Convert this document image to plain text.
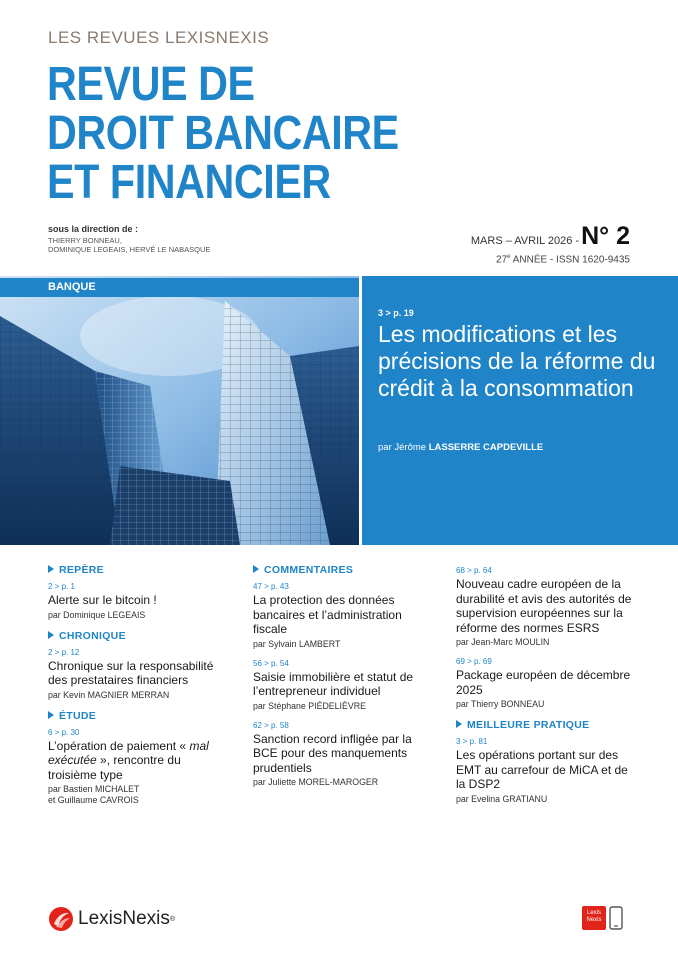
LES REVUES LEXISNEXIS
REVUE DE
DROIT BANCAIRE
ET FINANCIER
sous la direction de :
THIERRY BONNEAU,
DOMINIQUE LEGEAIS, HERVÉ LE NABASQUE
MARS – AVRIL 2026 -N° 2
27e ANNÉE - ISSN 1620-9435
BANQUE
3 > p. 19
Les modifications et les précisions de la réforme du crédit à la consommation
par Jérôme LASSERRE CAPDEVILLE
REPÈRE
2 > p. 1
Alerte sur le bitcoin !
par Dominique LEGEAIS
CHRONIQUE
2 > p. 12
Chronique sur la responsabilité des prestataires financiers
par Kevin MAGNIER MERRAN
ÉTUDE
6 > p. 30
L’opération de paiement « mal exécutée », rencontre du troisième type
par Bastien MICHALET
et Guillaume CAVROIS
COMMENTAIRES
47 > p. 43
La protection des données bancaires et l’administration fiscale
par Sylvain LAMBERT
56 > p. 54
Saisie immobilière et statut de l’entrepreneur individuel
par Stéphane PIÉDELIÈVRE
62 > p. 58
Sanction record infligée par la BCE pour des manquements prudentiels
par Juliette MOREL-MAROGER
68 > p. 64
Nouveau cadre européen de la durabilité et avis des autorités de supervision européennes sur la réforme des normes ESRS
par Jean-Marc MOULIN
69 > p. 69
Package européen de décembre 2025
par Thierry BONNEAU
MEILLEURE PRATIQUE
3 > p. 81
Les opérations portant sur des EMT au carrefour de MiCA et de la DSP2
par Evelina GRATIANU
LexisNexis ®
Lexis
Nexis
